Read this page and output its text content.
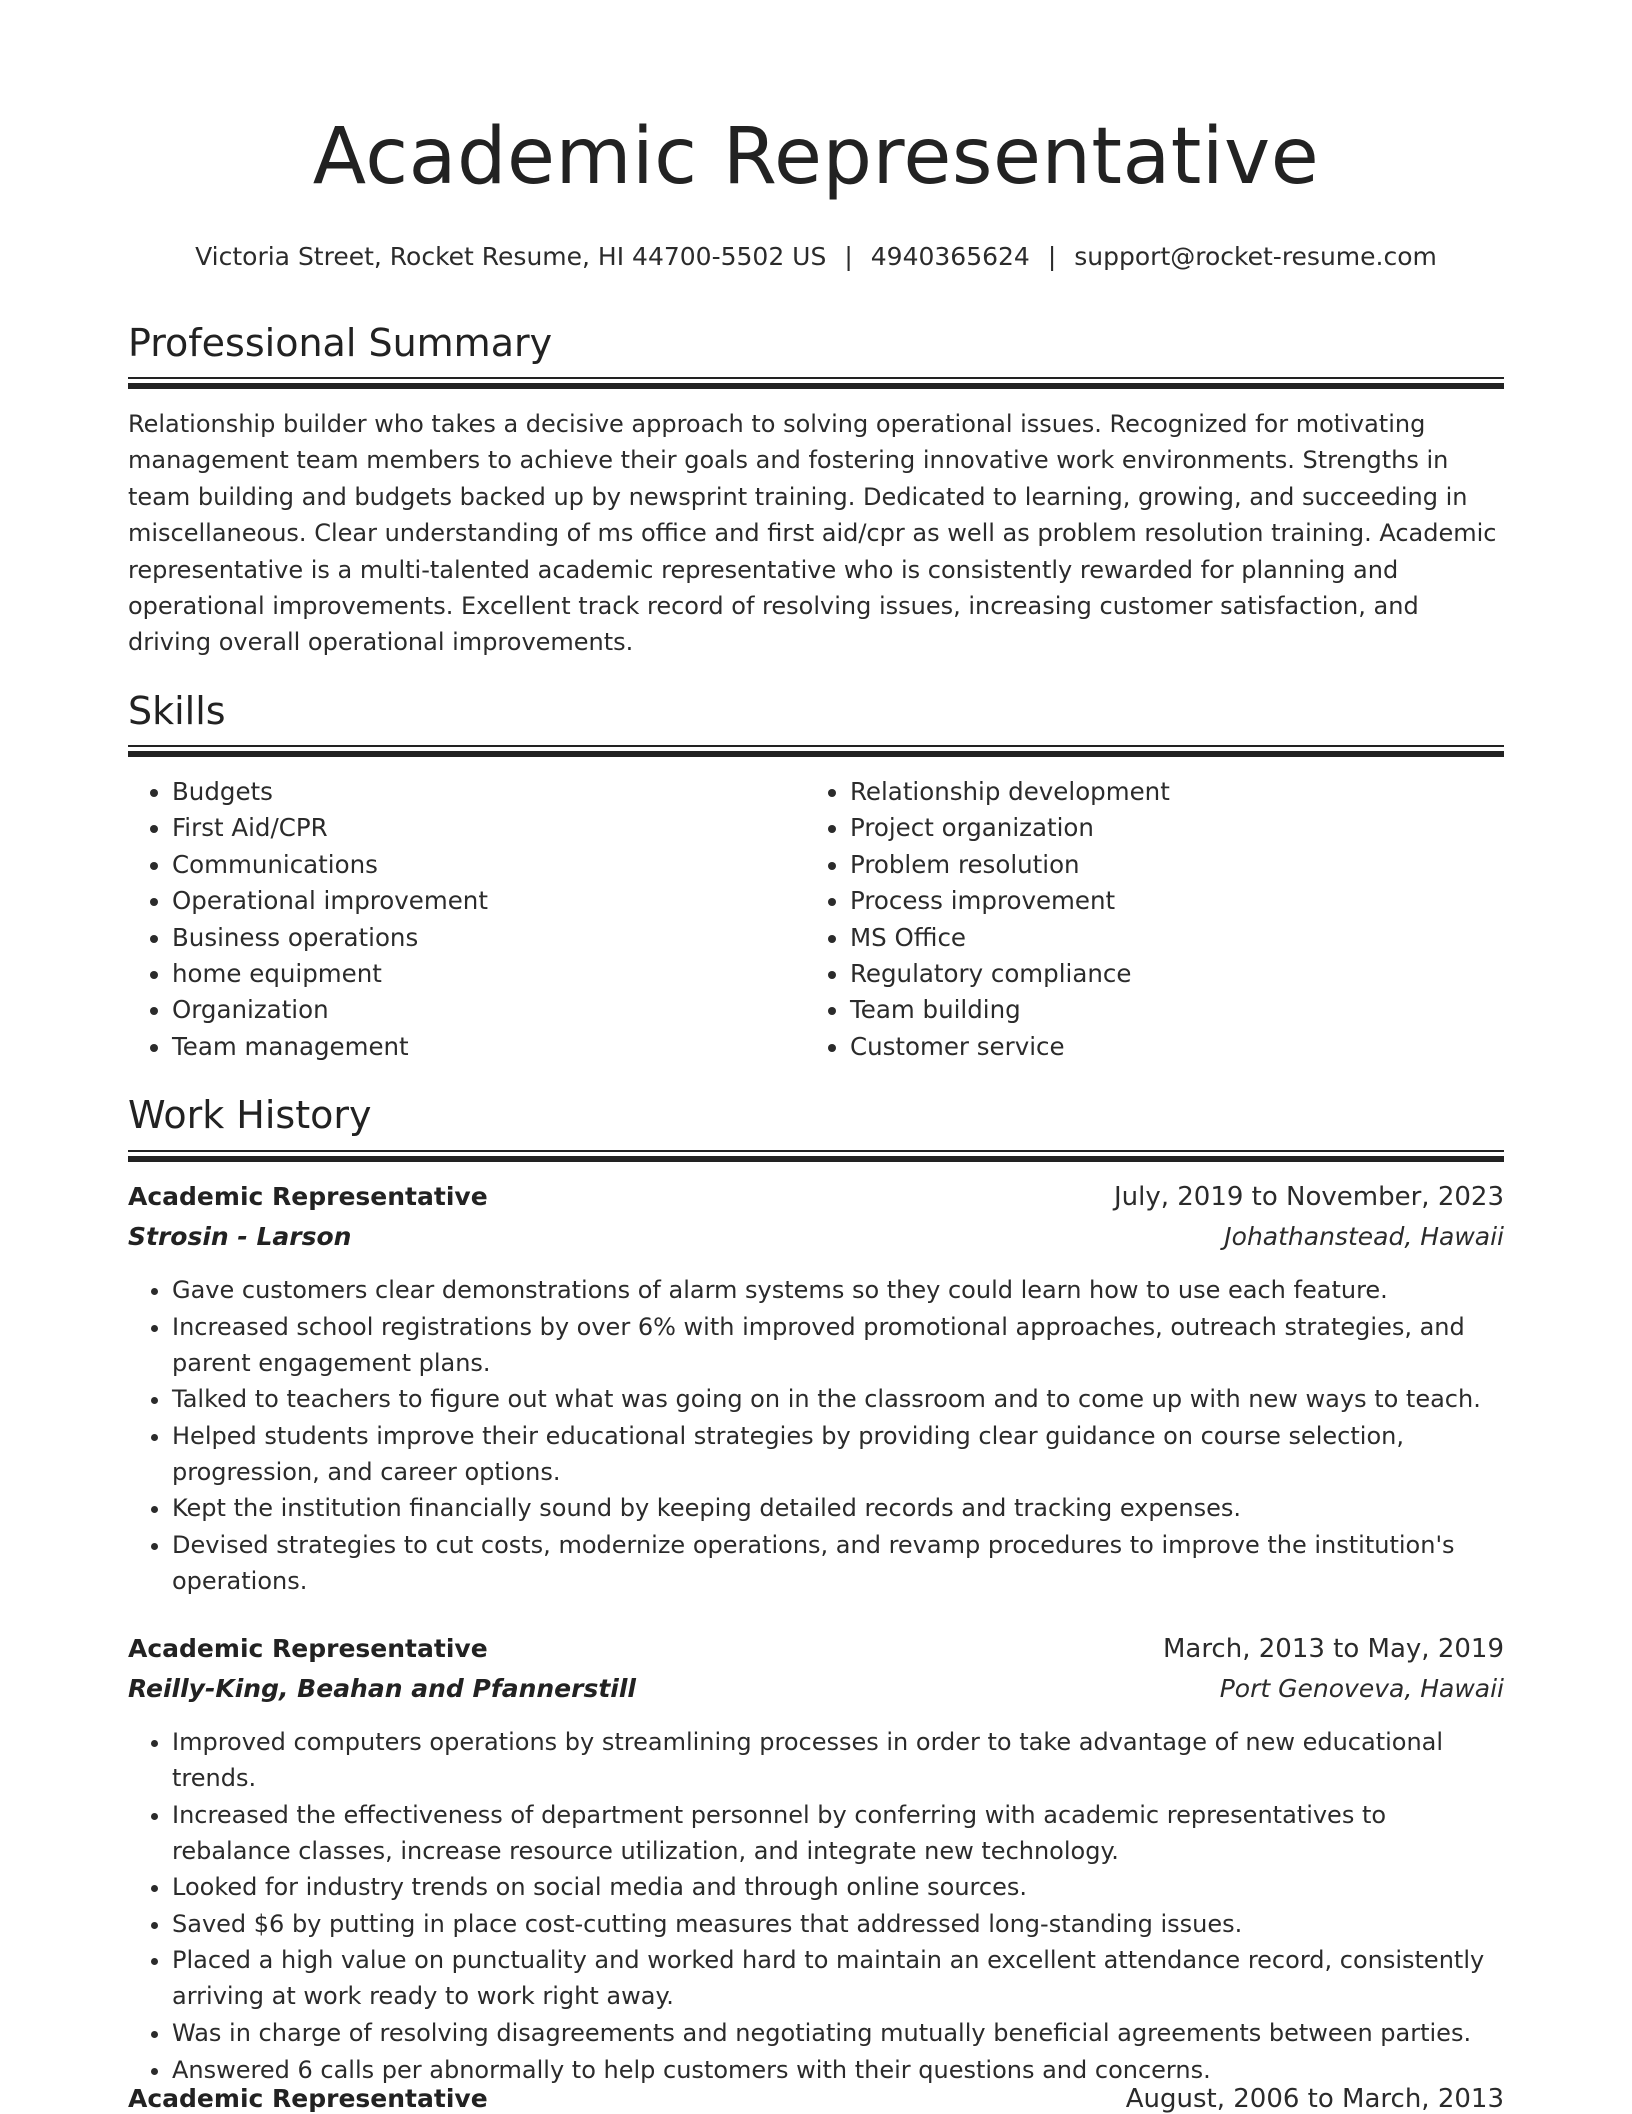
Academic Representative
Victoria Street, Rocket Resume, HI 44700-5502 US | 4940365624 | support@rocket-resume.com
Professional Summary

Relationship builder who takes a decisive approach to solving operational issues. Recognized for motivating management team members to achieve their goals and fostering innovative work environments. Strengths in team building and budgets backed up by newsprint training. Dedicated to learning, growing, and succeeding in miscellaneous. Clear understanding of ms office and first aid/cpr as well as problem resolution training. Academic representative is a multi-talented academic representative who is consistently rewarded for planning and operational improvements. Excellent track record of resolving issues, increasing customer satisfaction, and driving overall operational improvements.

Skills
• Budgets
• First Aid/CPR
• Communications
• Operational improvement
• Business operations
• home equipment
• Organization
• Team management
• Relationship development
• Project organization
• Problem resolution
• Process improvement
• MS Office
• Regulatory compliance
• Team building
• Customer service
Work History
Academic Representative	July, 2019 to November, 2023
Strosin - Larson	Johathanstead, Hawaii
• Gave customers clear demonstrations of alarm systems so they could learn how to use each feature.
• Increased school registrations by over 6% with improved promotional approaches, outreach strategies, and parent engagement plans.
• Talked to teachers to figure out what was going on in the classroom and to come up with new ways to teach.
• Helped students improve their educational strategies by providing clear guidance on course selection, progression, and career options.
• Kept the institution financially sound by keeping detailed records and tracking expenses.
• Devised strategies to cut costs, modernize operations, and revamp procedures to improve the institution's operations.
Academic Representative	March, 2013 to May, 2019
Reilly-King, Beahan and Pfannerstill	Port Genoveva, Hawaii
• Improved computers operations by streamlining processes in order to take advantage of new educational trends.
• Increased the effectiveness of department personnel by conferring with academic representatives to rebalance classes, increase resource utilization, and integrate new technology.
• Looked for industry trends on social media and through online sources.
• Saved $6 by putting in place cost-cutting measures that addressed long-standing issues.
• Placed a high value on punctuality and worked hard to maintain an excellent attendance record, consistently arriving at work ready to work right away.
• Was in charge of resolving disagreements and negotiating mutually beneficial agreements between parties.
• Answered 6 calls per abnormally to help customers with their questions and concerns.
Academic Representative	August, 2006 to March, 2013
